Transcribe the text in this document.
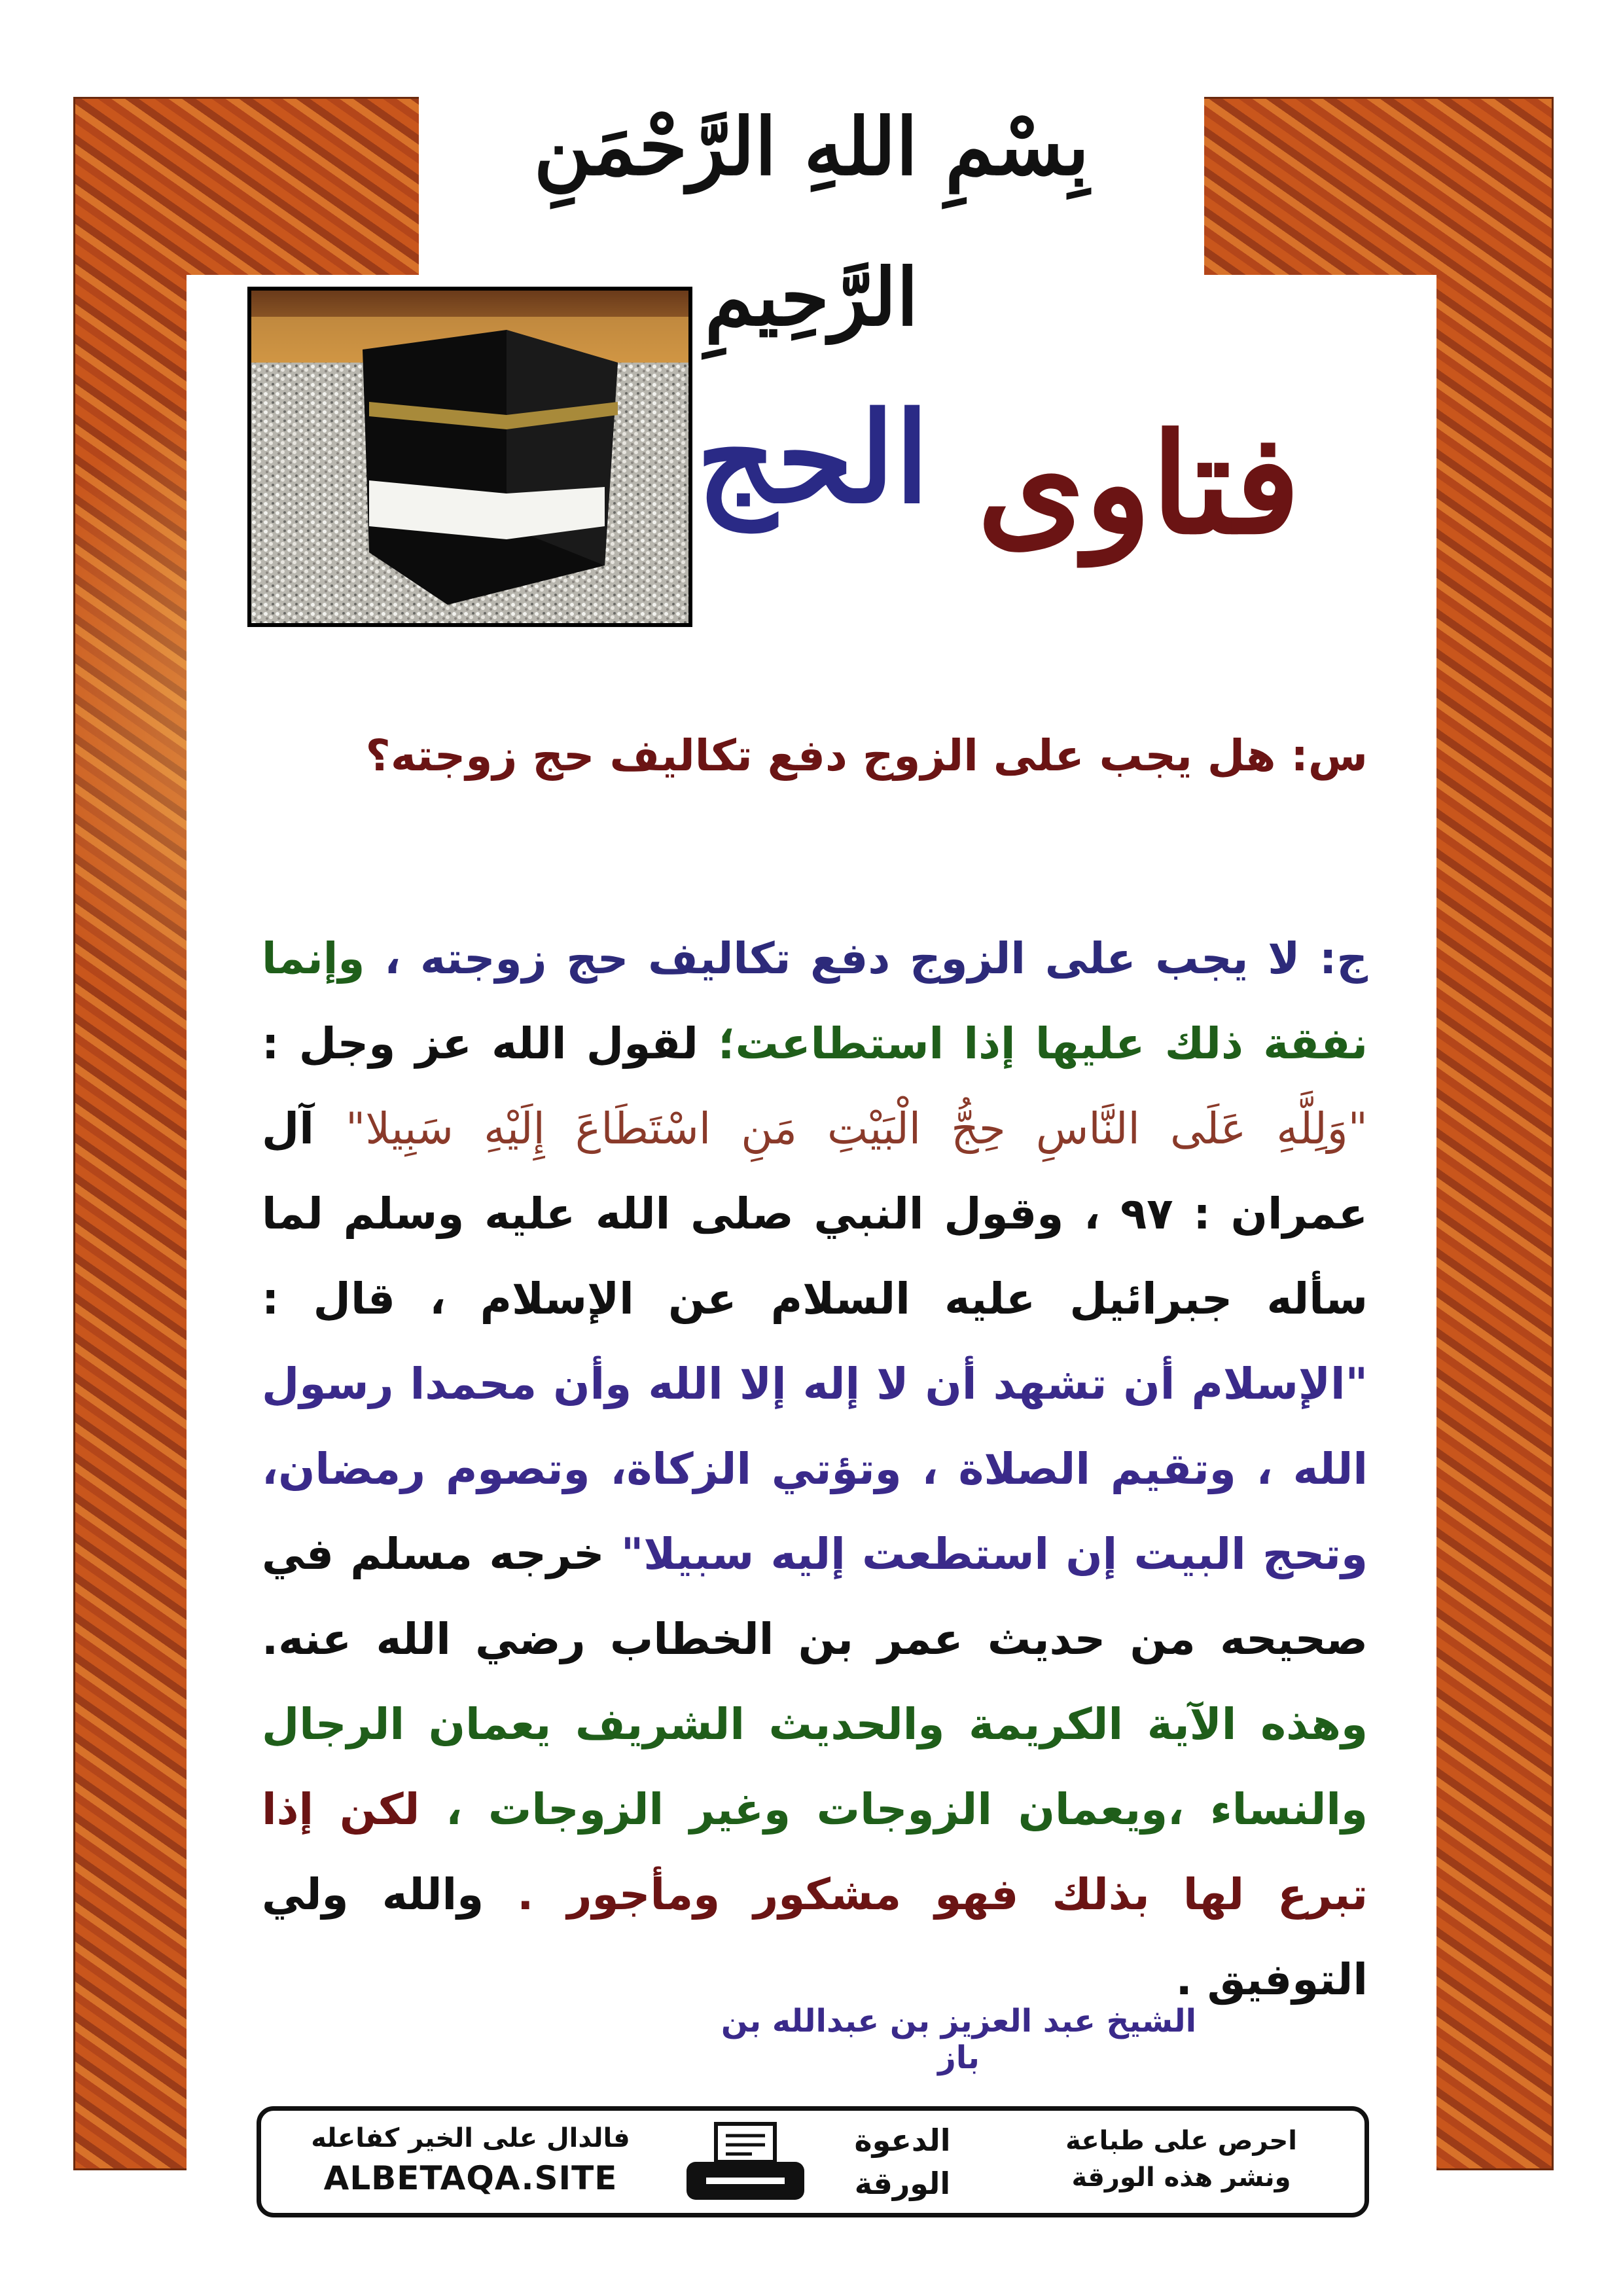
بِسْمِ اللهِ الرَّحْمَنِ الرَّحِيمِ
الحج فتاوى
س: هل يجب على الزوج دفع تكاليف حج زوجته؟
ج: لا يجب على الزوج دفع تكاليف حج زوجته ، وإنما نفقة ذلك عليها إذا استطاعت؛ لقول الله عز وجل : "وَلِلَّهِ عَلَى النَّاسِ حِجُّ الْبَيْتِ مَنِ اسْتَطَاعَ إِلَيْهِ سَبِيلا" آل عمران : ٩٧ ، وقول النبي صلى الله عليه وسلم لما سأله جبرائيل عليه السلام عن الإسلام ، قال : "الإسلام أن تشهد أن لا إله إلا الله وأن محمدا رسول الله ، وتقيم الصلاة ، وتؤتي الزكاة، وتصوم رمضان، وتحج البيت إن استطعت إليه سبيلا" خرجه مسلم في صحيحه من حديث عمر بن الخطاب رضي الله عنه. وهذه الآية الكريمة والحديث الشريف يعمان الرجال والنساء ،ويعمان الزوجات وغير الزوجات ، لكن إذا تبرع لها بذلك فهو مشكور ومأجور . والله ولي التوفيق .
الشيخ عبد العزيز بن عبدالله بن باز
فالدال على الخير كفاعله
ALBETAQA.SITE
الدعوة
الورقة
احرص على طباعة
ونشر هذه الورقة
